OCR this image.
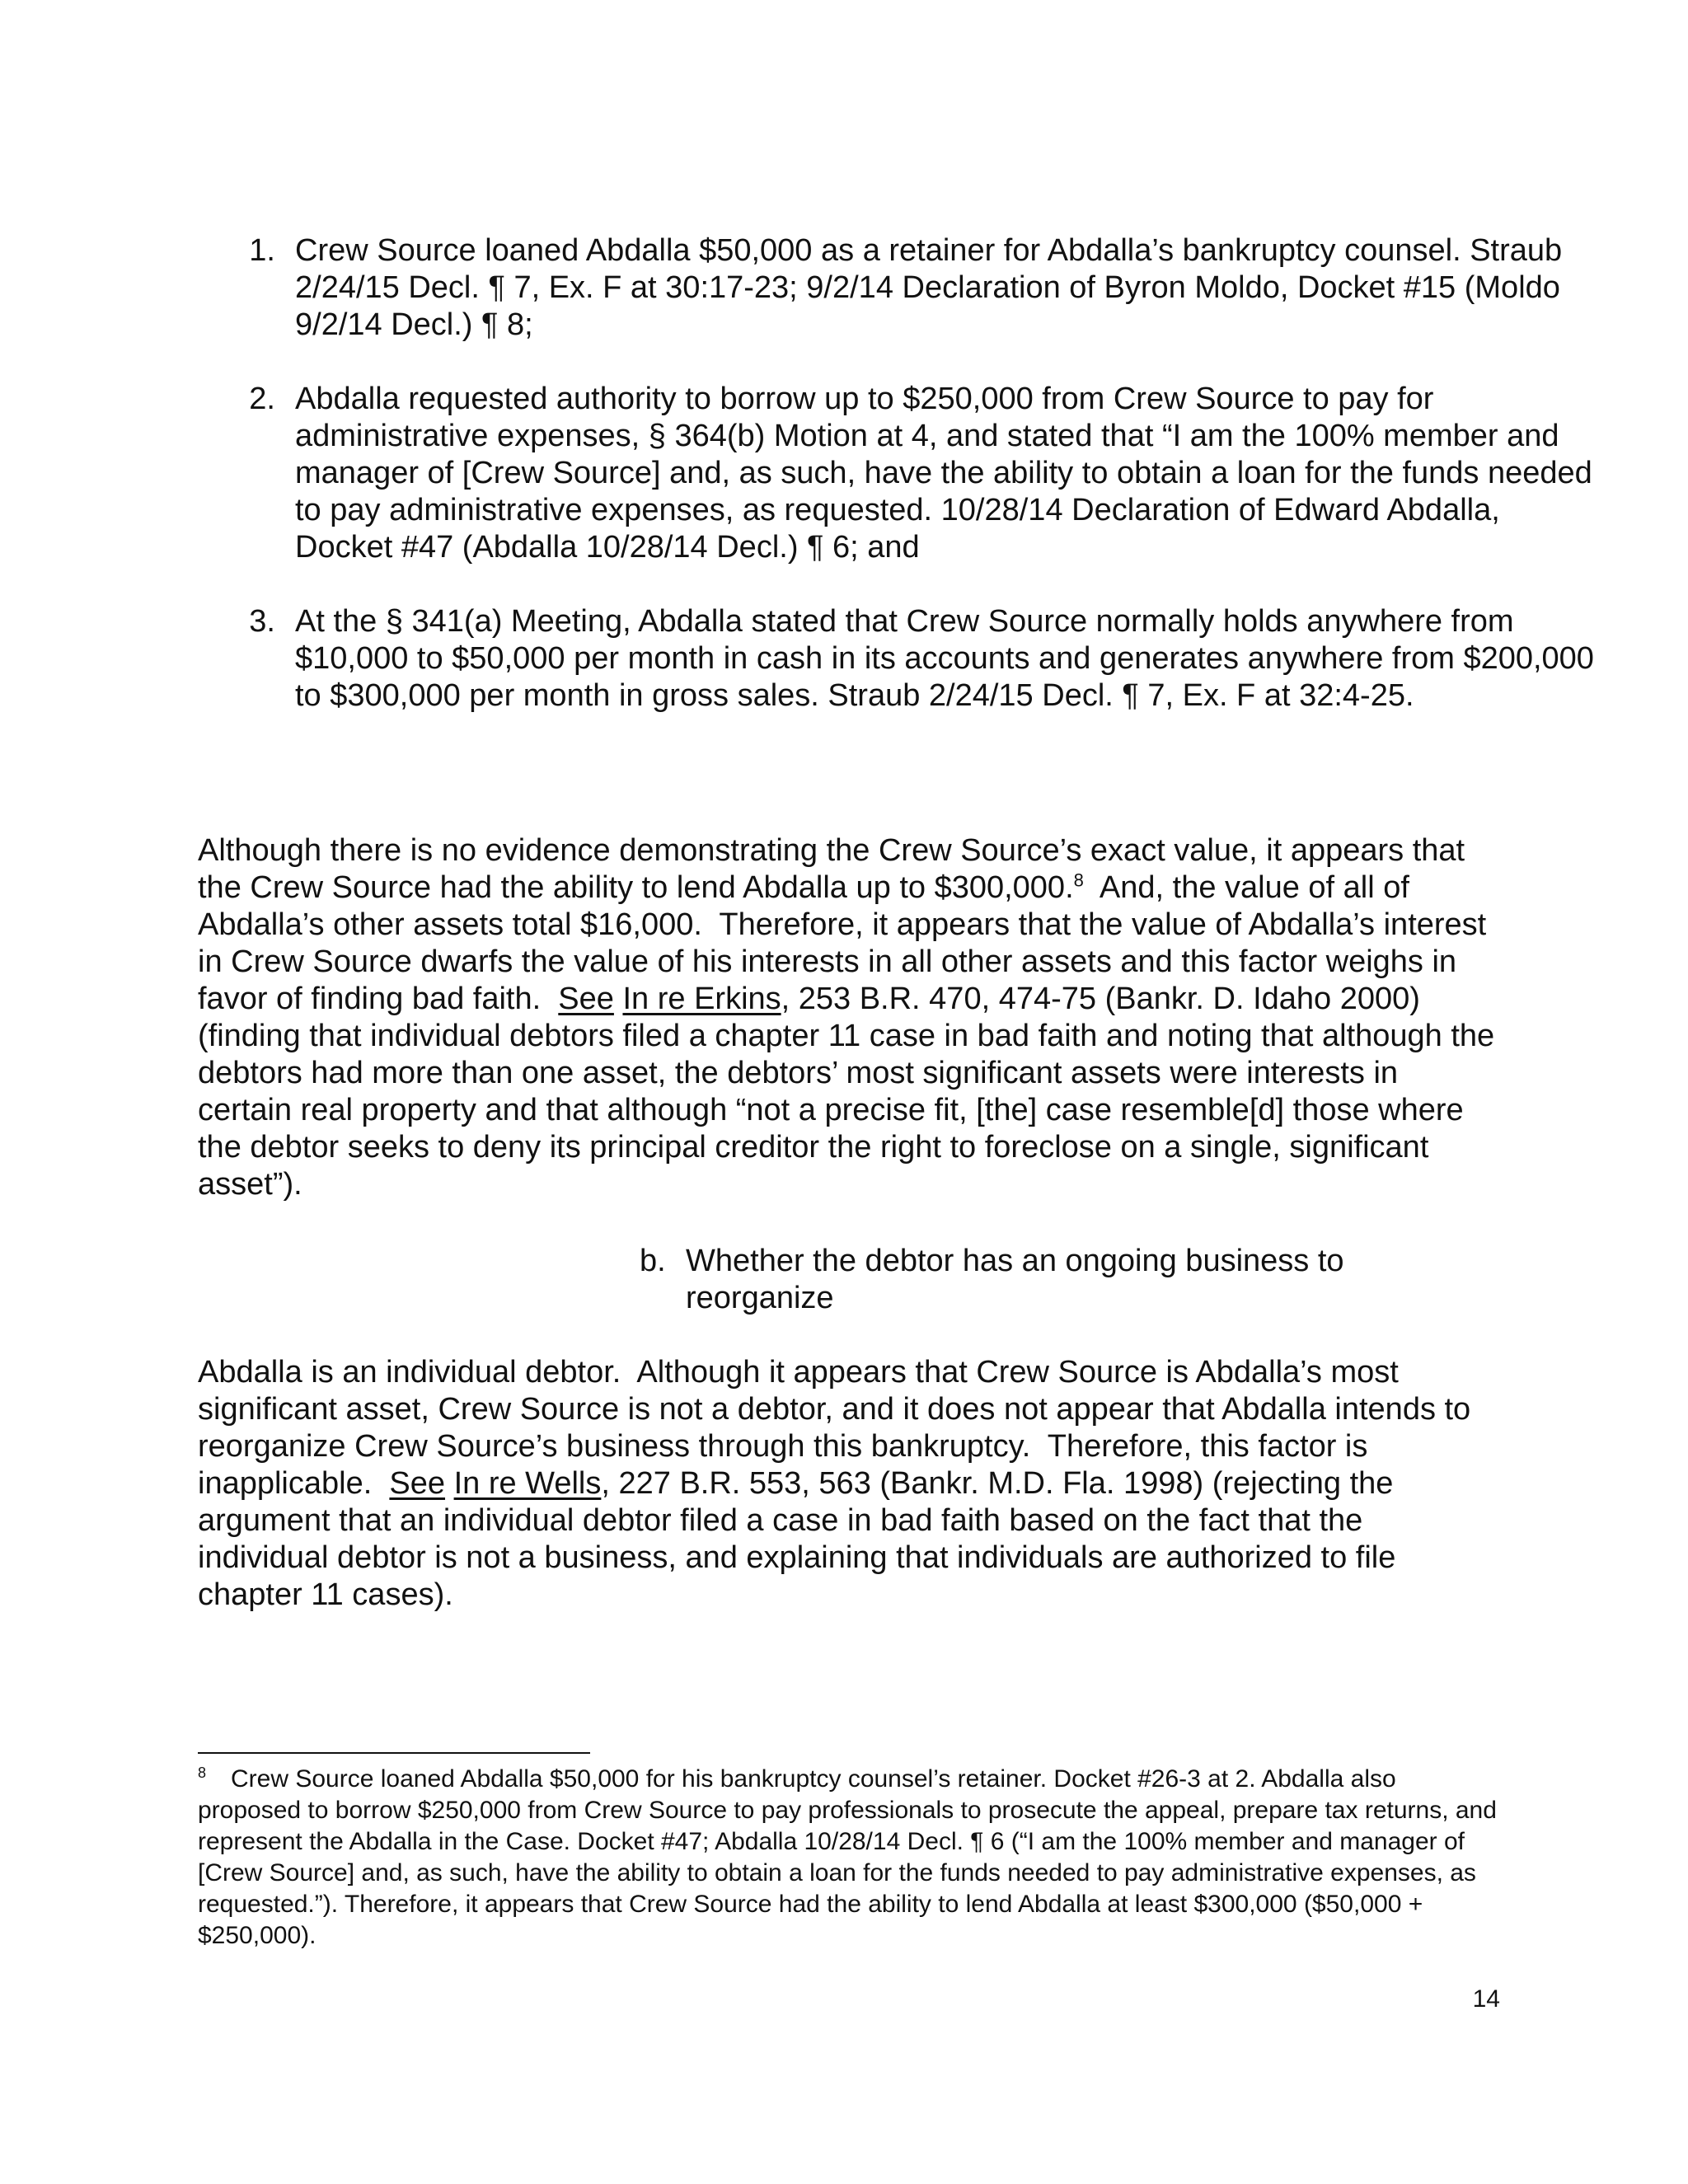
1. Crew Source loaned Abdalla $50,000 as a retainer for Abdalla’s bankruptcy counsel. Straub 2/24/15 Decl. ¶ 7, Ex. F at 30:17-23; 9/2/14 Declaration of Byron Moldo, Docket #15 (Moldo 9/2/14 Decl.) ¶ 8;
2. Abdalla requested authority to borrow up to $250,000 from Crew Source to pay for administrative expenses, § 364(b) Motion at 4, and stated that “I am the 100% member and manager of [Crew Source] and, as such, have the ability to obtain a loan for the funds needed to pay administrative expenses, as requested. 10/28/14 Declaration of Edward Abdalla, Docket #47 (Abdalla 10/28/14 Decl.) ¶ 6; and
3. At the § 341(a) Meeting, Abdalla stated that Crew Source normally holds anywhere from $10,000 to $50,000 per month in cash in its accounts and generates anywhere from $200,000 to $300,000 per month in gross sales. Straub 2/24/15 Decl. ¶ 7, Ex. F at 32:4-25.

Although there is no evidence demonstrating the Crew Source’s exact value, it appears that the Crew Source had the ability to lend Abdalla up to $300,000.$^8$  And, the value of all of Abdalla’s other assets total $16,000.  Therefore, it appears that the value of Abdalla’s interest in Crew Source dwarfs the value of his interests in all other assets and this factor weighs in favor of finding bad faith.  See In re Erkins, 253 B.R. 470, 474-75 (Bankr. D. Idaho 2000) (finding that individual debtors filed a chapter 11 case in bad faith and noting that although the debtors had more than one asset, the debtors’ most significant assets were interests in certain real property and that although “not a precise fit, [the] case resemble[d] those where the debtor seeks to deny its principal creditor the right to foreclose on a single, significant asset”).

b. Whether the debtor has an ongoing business to reorganize

Abdalla is an individual debtor.  Although it appears that Crew Source is Abdalla’s most significant asset, Crew Source is not a debtor, and it does not appear that Abdalla intends to reorganize Crew Source’s business through this bankruptcy.  Therefore, this factor is inapplicable.  See In re Wells, 227 B.R. 553, 563 (Bankr. M.D. Fla. 1998) (rejecting the argument that an individual debtor filed a case in bad faith based on the fact that the individual debtor is not a business, and explaining that individuals are authorized to file chapter 11 cases).

$^8$ Crew Source loaned Abdalla $50,000 for his bankruptcy counsel’s retainer. Docket #26-3 at 2. Abdalla also proposed to borrow $250,000 from Crew Source to pay professionals to prosecute the appeal, prepare tax returns, and represent the Abdalla in the Case. Docket #47; Abdalla 10/28/14 Decl. ¶ 6 (“I am the 100% member and manager of [Crew Source] and, as such, have the ability to obtain a loan for the funds needed to pay administrative expenses, as requested.”). Therefore, it appears that Crew Source had the ability to lend Abdalla at least $300,000 ($50,000 + $250,000).

14
